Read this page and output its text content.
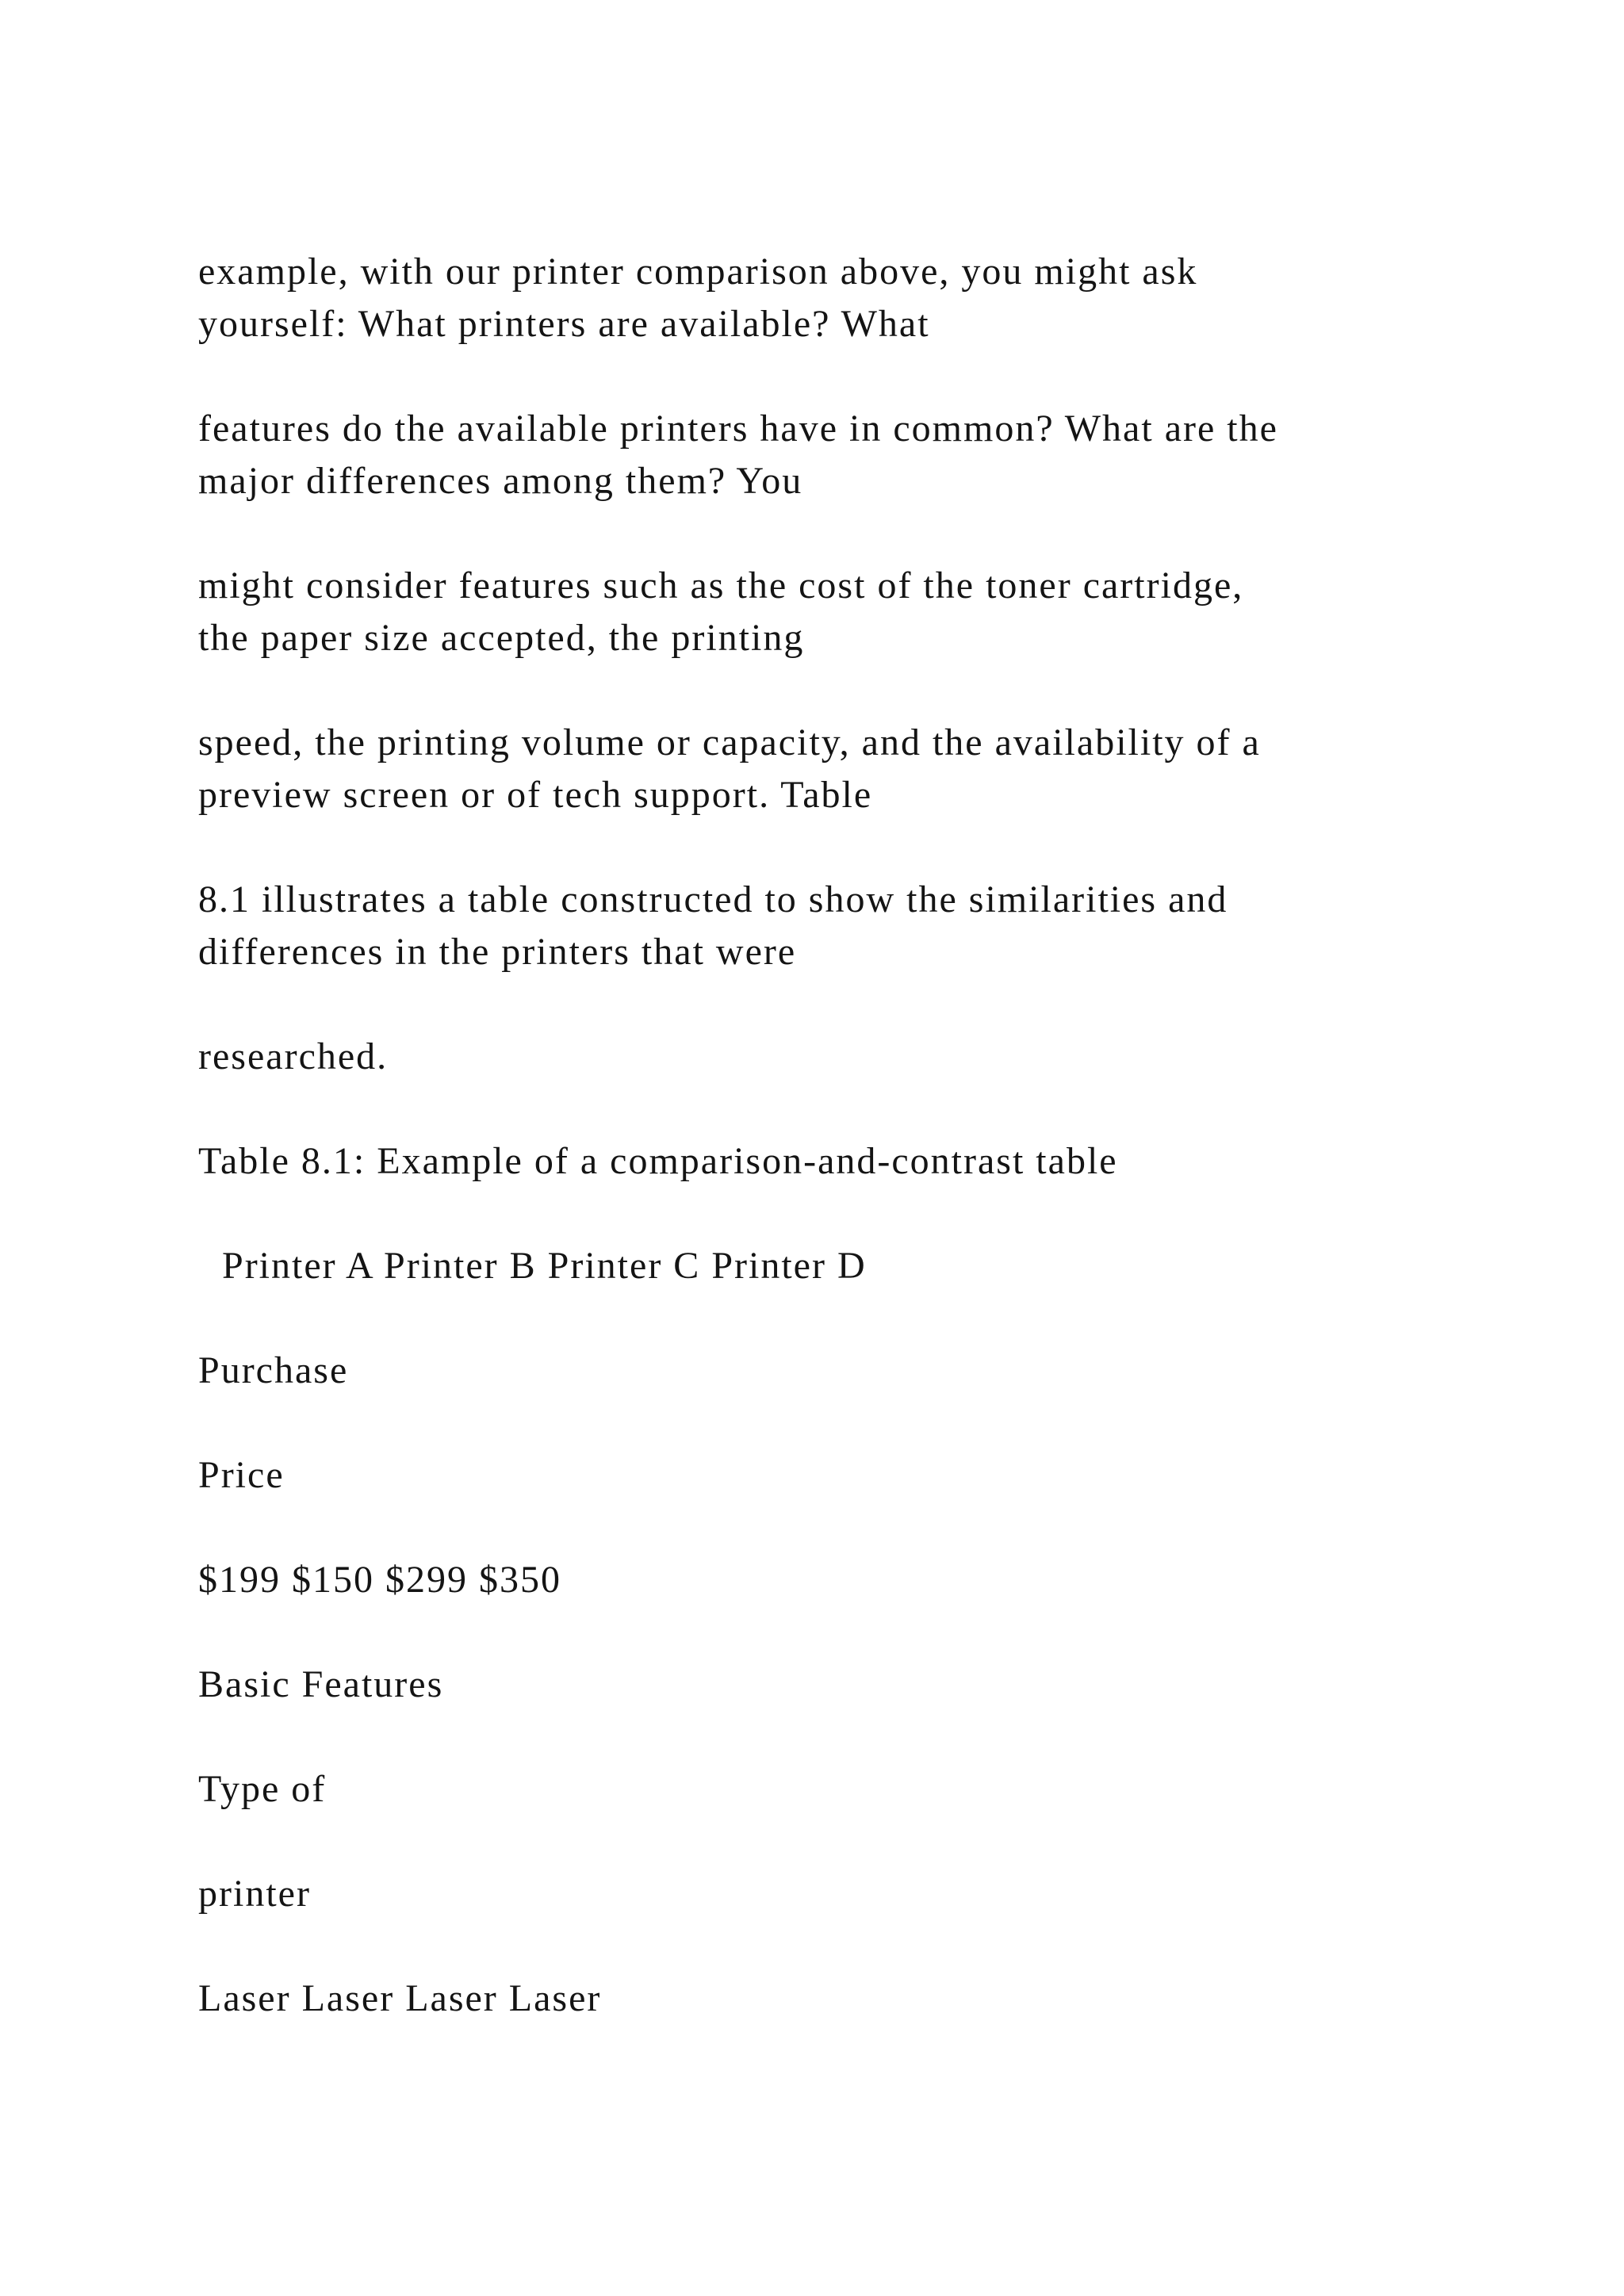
example, with our printer comparison above, you might ask
yourself: What printers are available? What

features do the available printers have in common? What are the
major differences among them? You

might consider features such as the cost of the toner cartridge,
the paper size accepted, the printing

speed, the printing volume or capacity, and the availability of a
preview screen or of tech support. Table

8.1 illustrates a table constructed to show the similarities and
differences in the printers that were

researched.
Table 8.1: Example of a comparison-and-contrast table
Printer A Printer B Printer C Printer D
Purchase
Price
$199 $150 $299 $350
Basic Features
Type of
printer
Laser Laser Laser Laser
